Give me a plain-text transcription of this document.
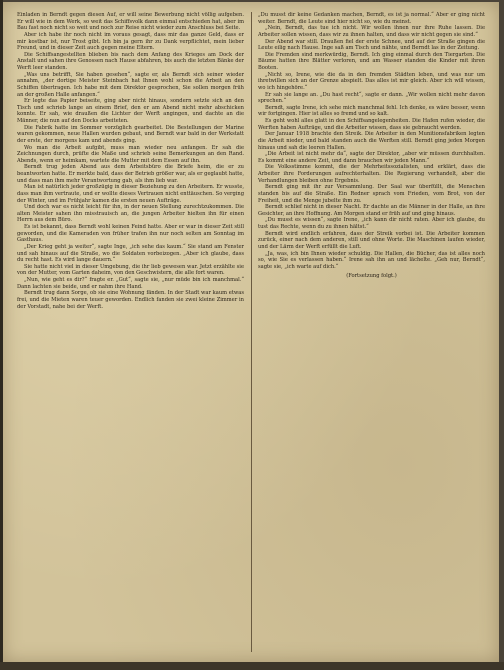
Einladen in Berndt gegen diesen Auf, er will seine Bewerbung nicht völlig aufgeben. Er will wie in dem Werk, so weit das Schiffsvolk dann einmal entschieden hat, aber im Bau fast noch nicht so weit und noch zur Reise nicht wieder zum Anschluss bei Seite.

Aber ich habe ihr noch nicht im voraus gesagt, dass mir das ganze Geld, dass er mir kostbar ist, nur Trost gibt. Ich bin ja gern ihr zu Dank verpflichtet, mein lieber Freund, und in dieser Zeit auch gegen meine Eltern.

Die Schiffsangestellten blieben bis nach dem Anfang des Krieges am Dock der Anstalt und sahen ihre Genossen nach Hause abfahren, bis auch die letzten Bänke der Werft leer standen.

„Was uns betrifft, Sie haben gesehen“, sagte er, als Berndt sich seiner wieder annahm, „der dortige Meister Steinbach hat Ihnen wohl schon die Arbeit an den Schiffen übertragen. Ich habe mit dem Direktor gesprochen, Sie sollen morgen früh an der großen Halle anfangen.“

Er legte das Papier beiseite, ging aber nicht hinaus, sondern setzte sich an den Tisch und schrieb lange an einem Brief, den er am Abend nicht mehr abschicken konnte. Er sah, wie draußen die Lichter der Werft angingen, und dachte an die Männer, die nun auf den Docks arbeiteten.

Die Fabrik hatte im Sommer vorzüglich gearbeitet. Die Bestellungen der Marine waren gekommen, neue Hallen wurden gebaut, und Berndt war bald in der Werkstatt der erste, der morgens kam und abends ging.

Wo man die Arbeit aufgibt, muss man wieder neu anfangen. Er sah die Zeichnungen durch, prüfte die Maße und schrieb seine Bemerkungen an den Rand. Abends, wenn er heimkam, wartete die Mutter mit dem Essen auf ihn.

Berndt trug jeden Abend aus dem Arbeitsbüro die Briefe heim, die er zu beantworten hatte. Er merkte bald, dass der Betrieb größer war, als er geglaubt hatte, und dass man ihm mehr Verantwortung gab, als ihm lieb war.

Man ist natürlich jeder großzügig in dieser Beziehung zu den Arbeitern. Er wusste, dass man ihm vertraute, und er wollte dieses Vertrauen nicht enttäuschen. So verging der Winter, und im Frühjahr kamen die ersten neuen Aufträge.

Und doch war es nicht leicht für ihn, in der neuen Stellung zurechtzukommen. Die alten Meister sahen ihn misstrauisch an, die jungen Arbeiter hielten ihn für einen Herrn aus dem Büro.

Es ist bekannt, dass Berndt wohl keinen Feind hatte. Aber er war in dieser Zeit still geworden, und die Kameraden von früher trafen ihn nur noch selten am Sonntag im Gasthaus.

„Der Krieg geht ja weiter“, sagte Inge, „ich sehe das kaum.“ Sie stand am Fenster und sah hinaus auf die Straße, wo die Soldaten vorbeizogen. „Aber ich glaube, dass du recht hast. Es wird lange dauern.“

Sie hatte nicht viel in dieser Umgebung, die ihr lieb gewesen war. Jetzt erzählte sie von der Mutter, vom Garten daheim, von den Geschwistern, die alle fort waren.

„Nun, wie geht es dir?“ fragte er. „Gut“, sagte sie, „nur müde bin ich manchmal.“ Dann lachten sie beide, und er nahm ihre Hand.

Berndt trug dann Sorge, ob sie eine Wohnung fänden. In der Stadt war kaum etwas frei, und die Mieten waren teuer geworden. Endlich fanden sie zwei kleine Zimmer in der Vorstadt, nahe bei der Werft.

„Du musst dir keine Gedanken machen, Berndt, es ist ja normal.“ Aber er ging nicht weiter. Berndt, die Leute sind hier nicht so, wie du meinst.

„Nein, Berndt, das tue ich nicht. Wir wollen ihnen nur ihre Ruhe lassen. Die Arbeiter sollen wissen, dass wir zu ihnen halten, und dass wir nicht gegen sie sind.“

Der Abend war still. Draußen fiel der erste Schnee, und auf der Straße gingen die Leute eilig nach Hause. Inge saß am Tisch und nähte, und Berndt las in der Zeitung.

Die Fremden sind merkwürdig, Berndt. Ich ging einmal durch den Tiergarten. Die Bäume hatten ihre Blätter verloren, und am Wasser standen die Kinder mit ihren Booten.

„Nicht so, Irene, wie die da in den fremden Städten leben, und was nur um ihretwillen sich an der Grenze abspielt. Das alles ist mir gleich. Aber ich will wissen, wo ich hingehöre.“

Er sah sie lange an. „Du hast recht“, sagte er dann. „Wir wollen nicht mehr davon sprechen.“

Berndt, sagte Irene, ich sehe mich manchmal fehl. Ich denke, es wäre besser, wenn wir fortgingen. Hier ist alles so fremd und so kalt.

Es geht wohl alles glatt in den Schiffsangelegenheiten. Die Hafen rufen wieder, die Werften haben Aufträge, und die Arbeiter wissen, dass sie gebraucht werden.

Der Januar 1918 brachte den Streik. Die Arbeiter in den Munitionsfabriken legten die Arbeit nieder, und bald standen auch die Werften still. Berndt ging jeden Morgen hinaus und sah die leeren Hallen.

„Die Arbeit ist nicht mehr da“, sagte der Direktor, „aber wir müssen durchhalten. Es kommt eine andere Zeit, und dann brauchen wir jeden Mann.“

Die Volksstimme kommt, die der Mehrheitssozialisten, und erklärt, dass die Arbeiter ihre Forderungen aufrechterhalten. Die Regierung verhandelt, aber die Verhandlungen bleiben ohne Ergebnis.

Berndt ging mit ihr zur Versammlung. Der Saal war überfüllt, die Menschen standen bis auf die Straße. Ein Redner sprach vom Frieden, vom Brot, von der Freiheit, und die Menge jubelte ihm zu.

Berndt schlief nicht in dieser Nacht. Er dachte an die Männer in der Halle, an ihre Gesichter, an ihre Hoffnung. Am Morgen stand er früh auf und ging hinaus.

„Du musst es wissen“, sagte Irene, „ich kann dir nicht raten. Aber ich glaube, du tust das Rechte, wenn du zu ihnen hältst.“

Berndt wird endlich erfahren, dass der Streik vorbei ist. Die Arbeiter kommen zurück, einer nach dem anderen, still und ohne Worte. Die Maschinen laufen wieder, und der Lärm der Werft erfüllt die Luft.

„Ja, was, ich bin Ihnen wieder schuldig. Die Hallen, die Bücher, das ist alles noch so, wie Sie es verlassen haben.“ Irene sah ihn an und lächelte. „Geh nur, Berndt“, sagte sie, „ich warte auf dich.“

(Fortsetzung folgt.)
